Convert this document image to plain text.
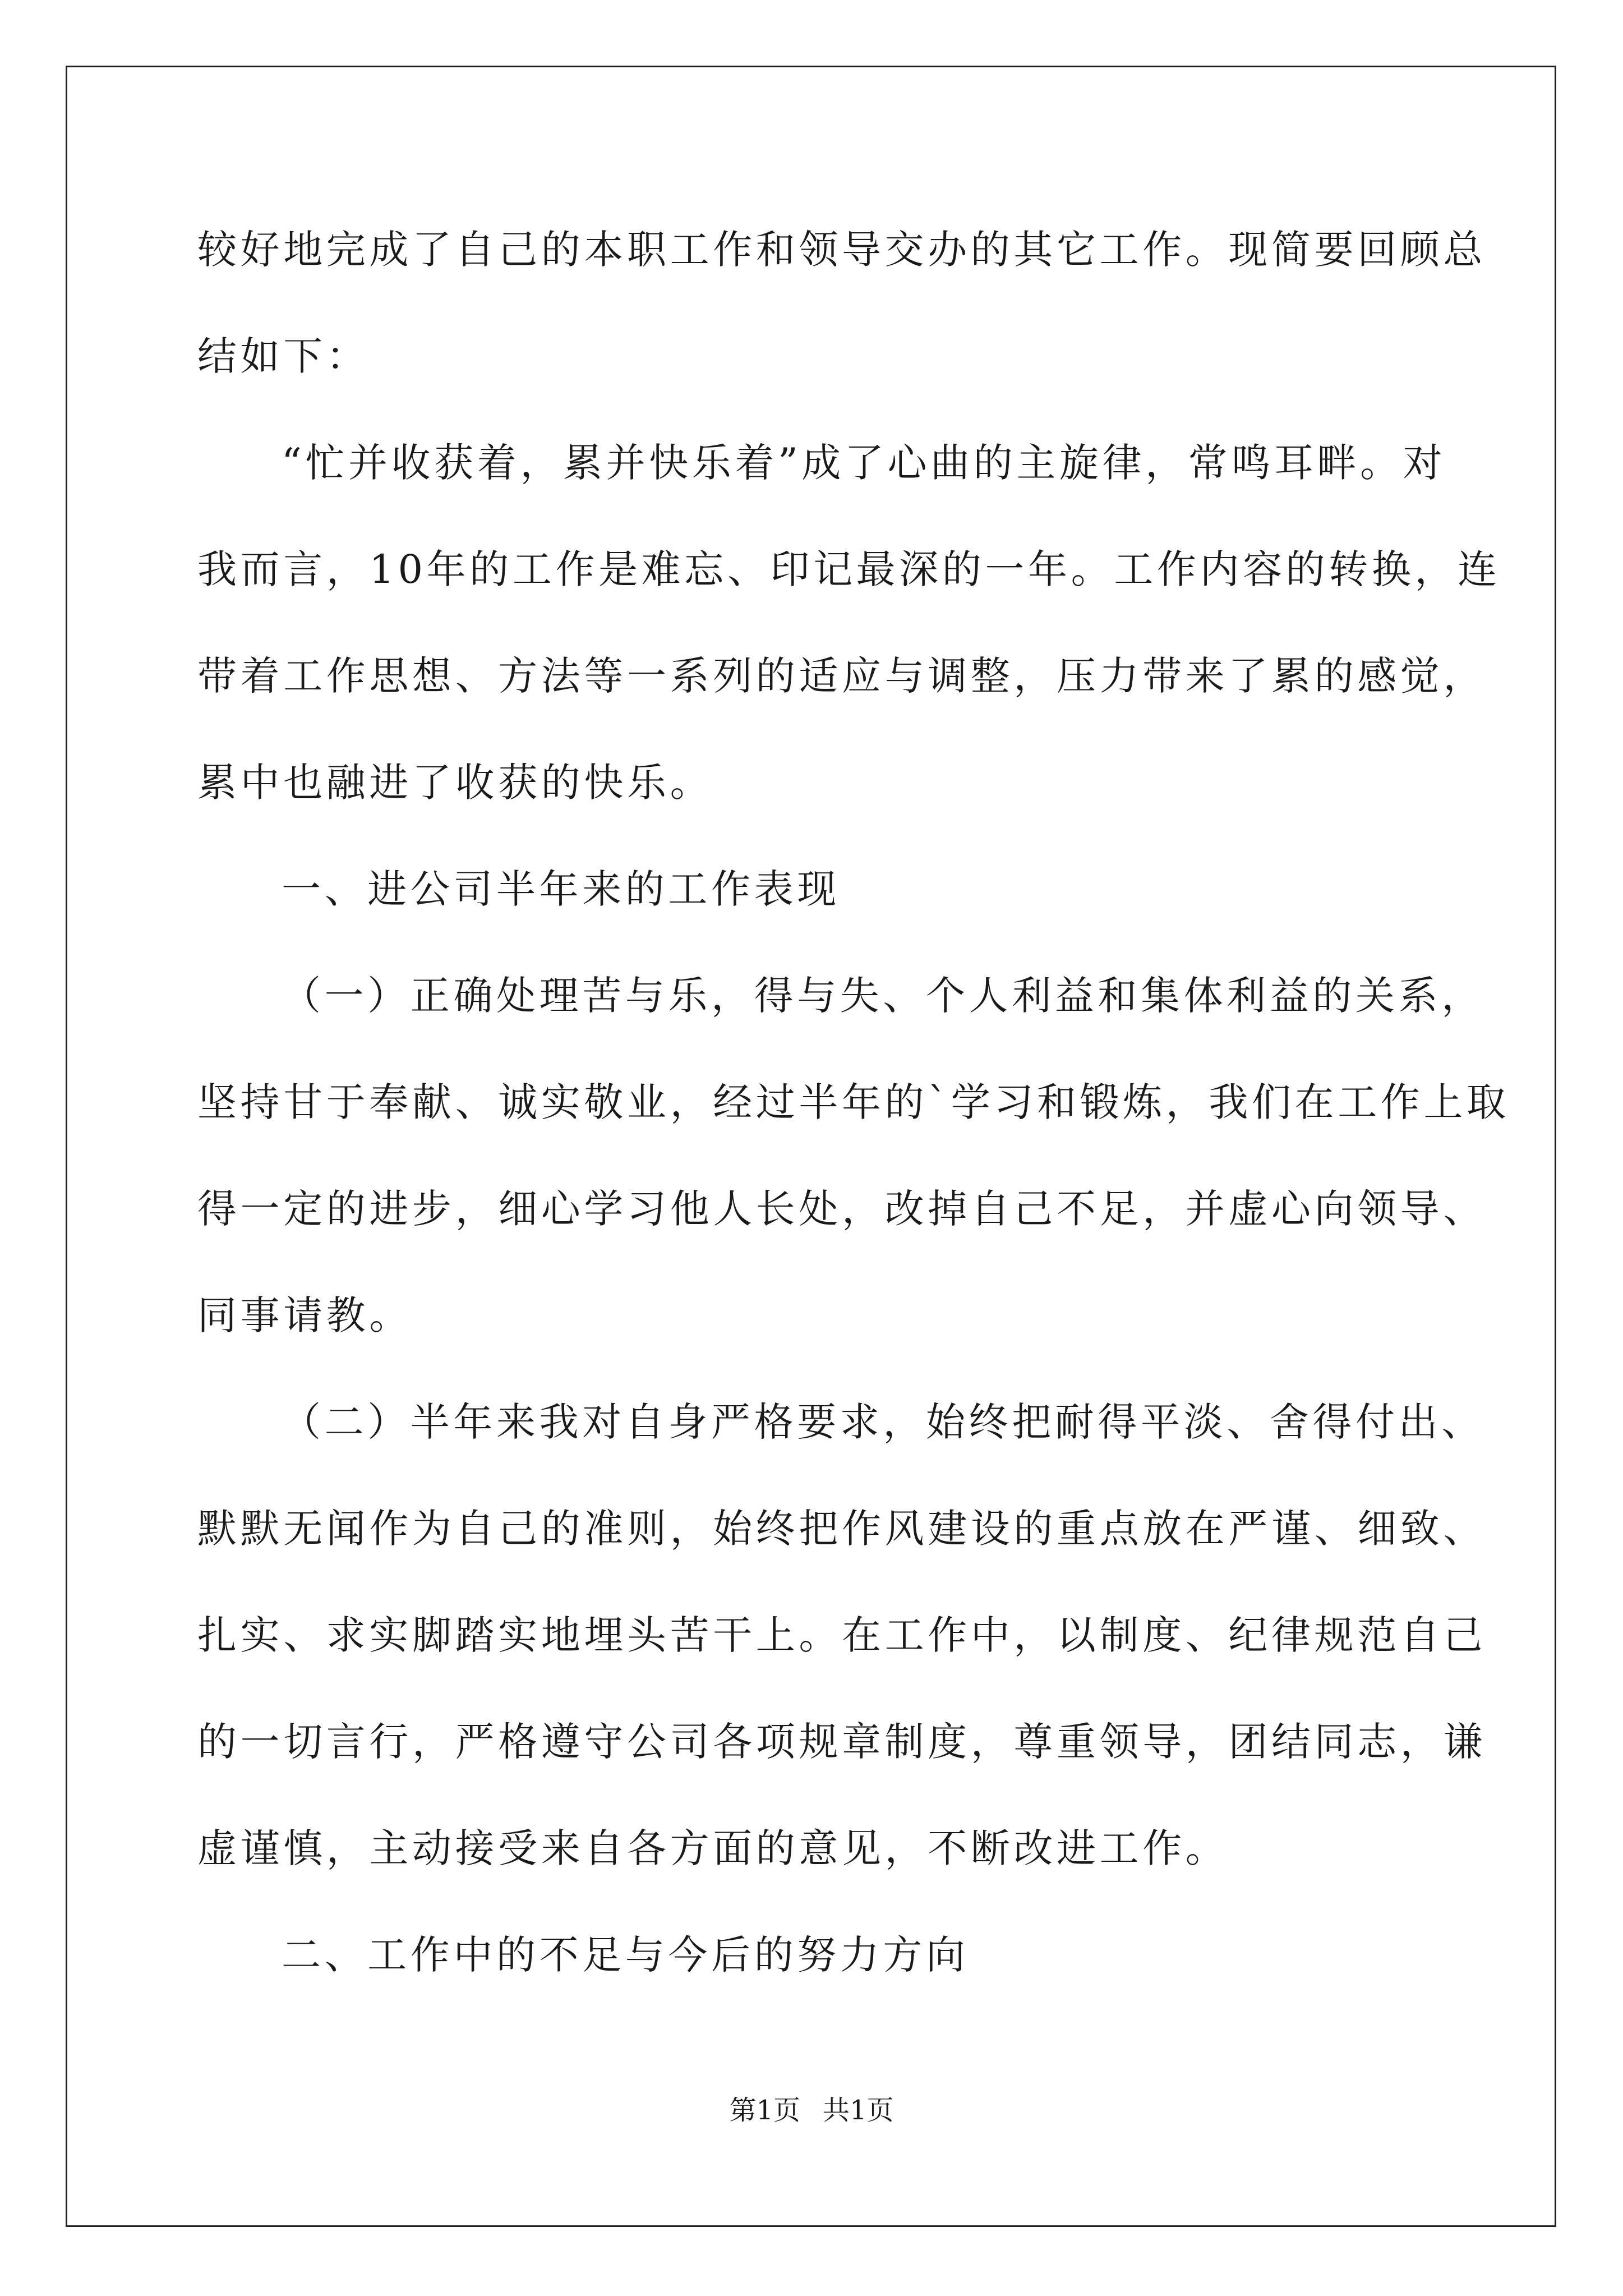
较好地完成了自己的本职工作和领导交办的其它工作。现简要回顾总
结如下：
“忙并收获着，累并快乐着”成了心曲的主旋律，常鸣耳畔。对
我而言，10年的工作是难忘、印记最深的一年。工作内容的转换，连
带着工作思想、方法等一系列的适应与调整，压力带来了累的感觉，
累中也融进了收获的快乐。
一、进公司半年来的工作表现
（一）正确处理苦与乐，得与失、个人利益和集体利益的关系，
坚持甘于奉献、诚实敬业，经过半年的`学习和锻炼，我们在工作上取
得一定的进步，细心学习他人长处，改掉自己不足，并虚心向领导、
同事请教。
（二）半年来我对自身严格要求，始终把耐得平淡、舍得付出、
默默无闻作为自己的准则，始终把作风建设的重点放在严谨、细致、
扎实、求实脚踏实地埋头苦干上。在工作中，以制度、纪律规范自己
的一切言行，严格遵守公司各项规章制度，尊重领导，团结同志，谦
虚谨慎，主动接受来自各方面的意见，不断改进工作。
二、工作中的不足与今后的努力方向
第1页 共1页
